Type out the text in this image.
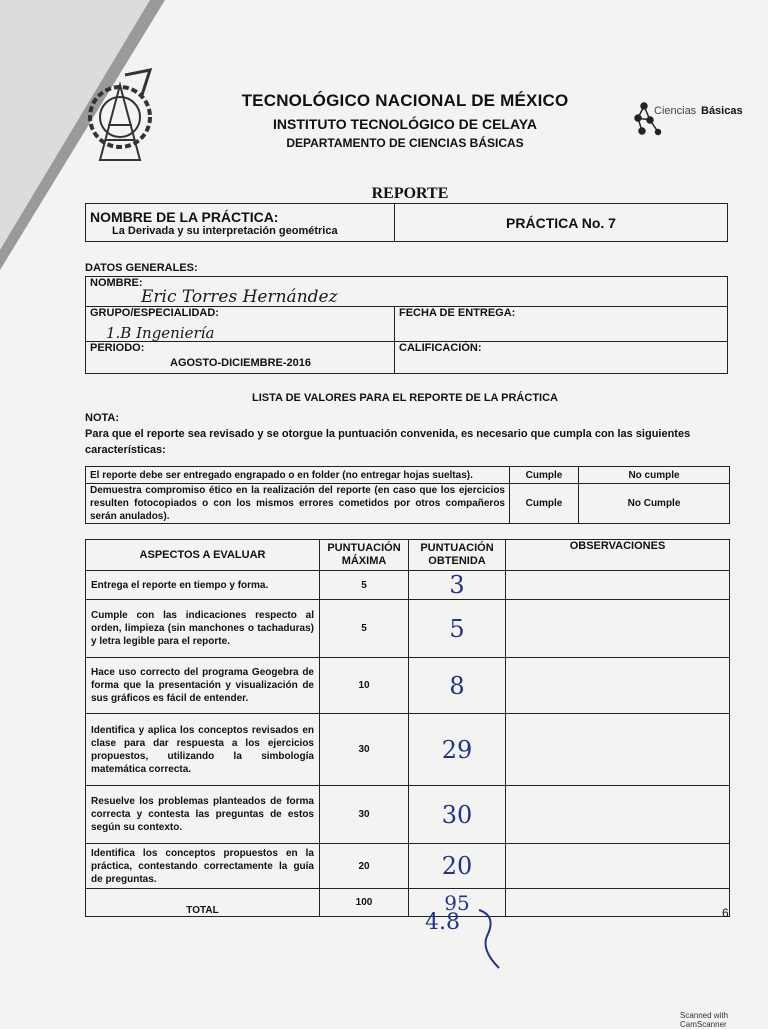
TECNOLÓGICO NACIONAL DE MÉXICO
INSTITUTO TECNOLÓGICO DE CELAYA
DEPARTAMENTO DE CIENCIAS BÁSICAS
Ciencias Básicas
REPORTE
NOMBRE DE LA PRÁCTICA:
La Derivada y su interpretación geométrica	PRÁCTICA No. 7
DATOS GENERALES:
NOMBRE:
Eric Torres Hernández	

GRUPO/ESPECIALIDAD:
1.B Ingeniería	FECHA DE ENTREGA:

PERIODO:
AGOSTO-DICIEMBRE-2016	CALIFICACIÓN:
LISTA DE VALORES PARA EL REPORTE DE LA PRÁCTICA
NOTA:
Para que el reporte sea revisado y se otorgue la puntuación convenida, es necesario que cumpla con las siguientes características:
El reporte debe ser entregado engrapado o en folder (no entregar hojas sueltas).	Cumple	No cumple
Demuestra compromiso ético en la realización del reporte (en caso que los ejercicios resulten fotocopiados o con los mismos errores cometidos por otros compañeros serán anulados).	Cumple	No Cumple
ASPECTOS A EVALUAR	PUNTUACIÓN MÁXIMA	PUNTUACIÓN OBTENIDA	OBSERVACIONES
Entrega el reporte en tiempo y forma.	5	3	
Cumple con las indicaciones respecto al orden, limpieza (sin manchones o tachaduras) y letra legible para el reporte.	5	5	
Hace uso correcto del programa Geogebra de forma que la presentación y visualización de sus gráficos es fácil de entender.	10	8	
Identifica y aplica los conceptos revisados en clase para dar respuesta a los ejercicios propuestos, utilizando la simbología matemática correcta.	30	29	
Resuelve los problemas planteados de forma correcta y contesta las preguntas de estos según su contexto.	30	30	
Identifica los conceptos propuestos en la práctica, contestando correctamente la guía de preguntas.	20	20	
TOTAL	100	95	
4.8	6
Scanned with CamScanner
